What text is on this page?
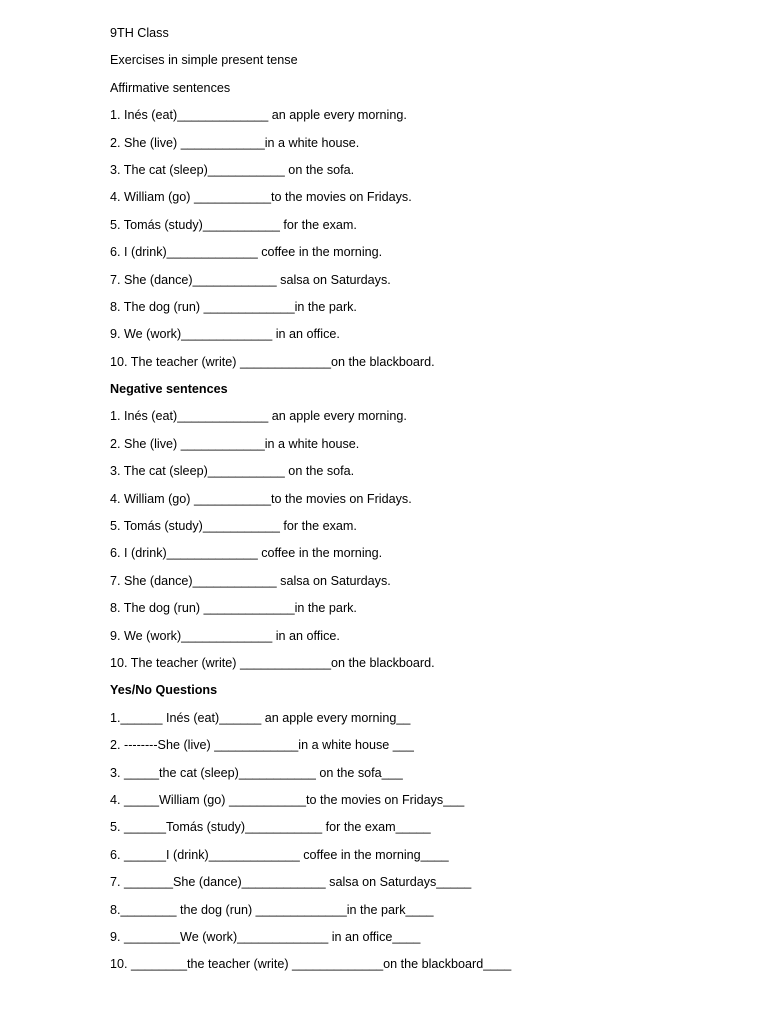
9TH Class
Exercises in simple present tense
Affirmative sentences
1. Inés (eat)_____________ an apple every morning.
2. She (live) ____________in a white house.
3. The cat (sleep)___________ on the sofa.
4. William (go) ___________to the movies on Fridays.
5. Tomás (study)___________ for the exam.
6. I (drink)_____________ coffee in the morning.
7. She (dance)____________ salsa on Saturdays.
8. The dog (run) _____________in the park.
9. We (work)_____________ in an office.
10. The teacher (write) _____________on the blackboard.
Negative sentences
1. Inés (eat)_____________ an apple every morning.
2. She (live) ____________in a white house.
3. The cat (sleep)___________ on the sofa.
4. William (go) ___________to the movies on Fridays.
5. Tomás (study)___________ for the exam.
6. I (drink)_____________ coffee in the morning.
7. She (dance)____________ salsa on Saturdays.
8. The dog (run) _____________in the park.
9. We (work)_____________ in an office.
10. The teacher (write) _____________on the blackboard.
Yes/No Questions
1.______ Inés (eat)______ an apple every morning__
2. --------She (live) ____________in a white house ___
3. _____the cat (sleep)___________ on the sofa___
4. _____William (go) ___________to the movies on Fridays___
5. ______Tomás (study)___________ for the exam_____
6. ______I (drink)_____________ coffee in the morning____
7. _______She (dance)____________ salsa on Saturdays_____
8.________ the dog (run) _____________in the park____
9. ________We (work)_____________ in an office____
10. ________the teacher (write) _____________on the blackboard____
